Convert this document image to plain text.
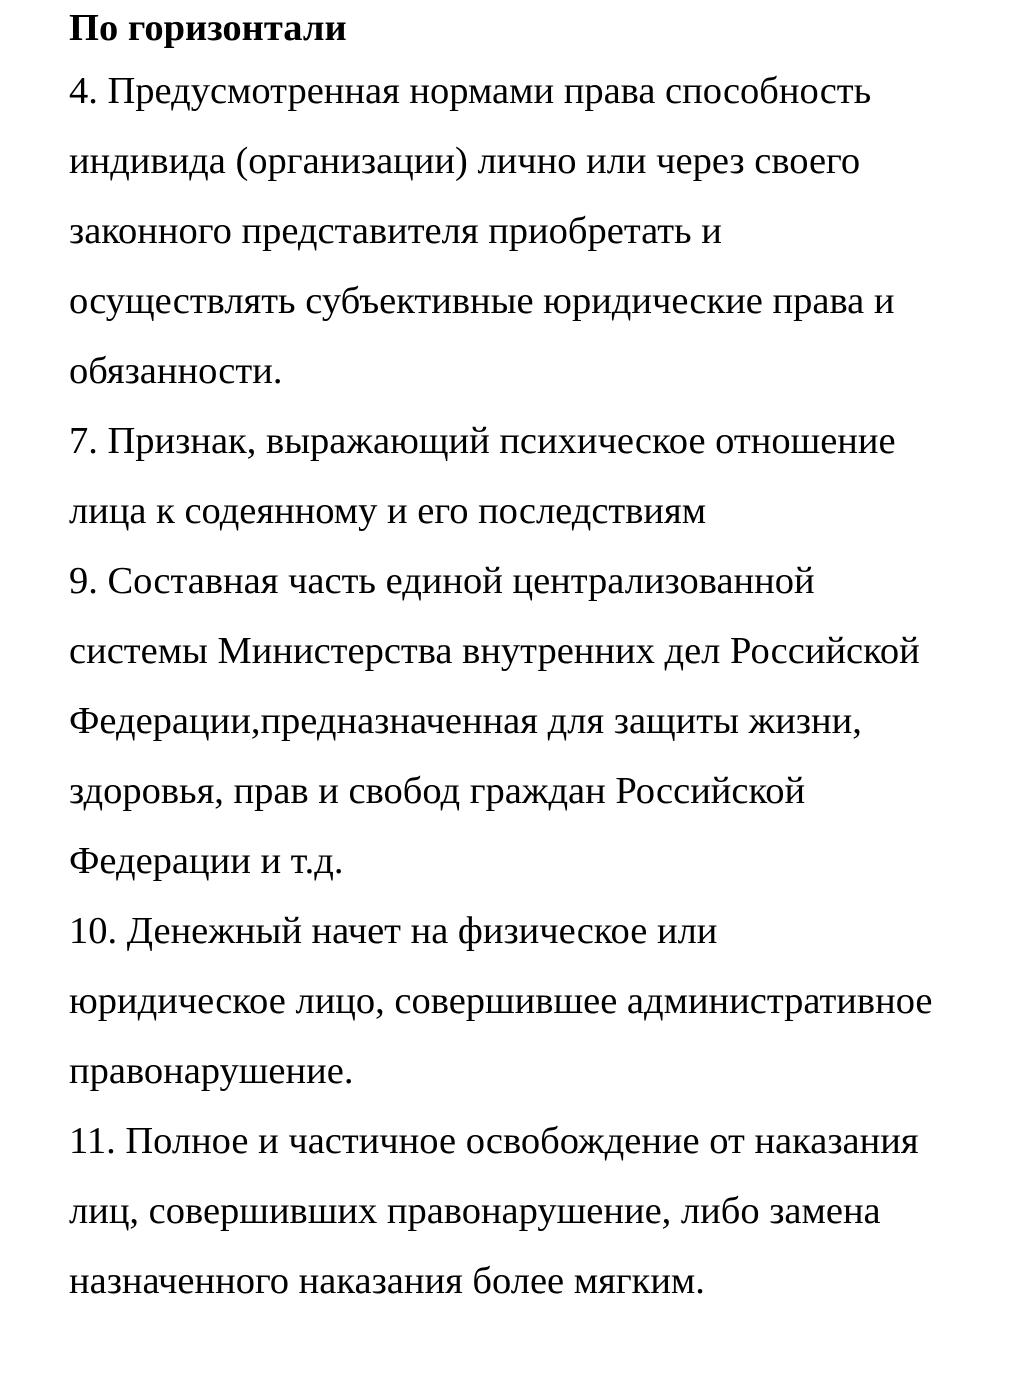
По горизонтали
4. Предусмотренная нормами права способность
индивида (организации) лично или через своего
законного представителя приобретать и
осуществлять субъективные юридические права и
обязанности.
7. Признак, выражающий психическое отношение
лица к содеянному и его последствиям
9. Составная часть единой централизованной
системы Министерства внутренних дел Российской
Федерации,предназначенная для защиты жизни,
здоровья, прав и свобод граждан Российской
Федерации и т.д.
10. Денежный начет на физическое или
юридическое лицо, совершившее административное
правонарушение.
11. Полное и частичное освобождение от наказания
лиц, совершивших правонарушение, либо замена
назначенного наказания более мягким.
